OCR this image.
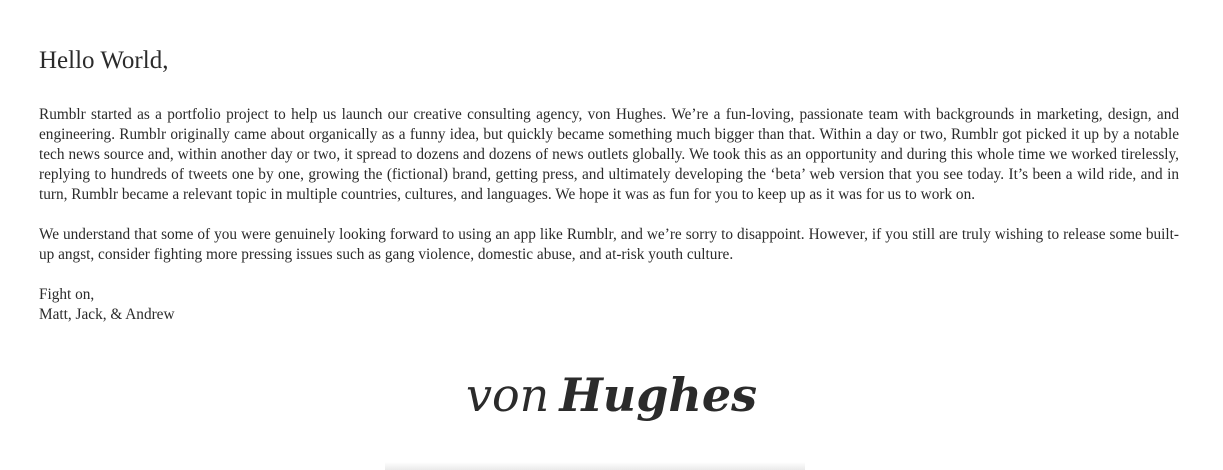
Hello World,

Rumblr started as a portfolio project to help us launch our creative consulting agency, von Hughes. We’re a fun-loving, passionate team with backgrounds in marketing, design, and engineering. Rumblr originally came about organically as a funny idea, but quickly became something much bigger than that. Within a day or two, Rumblr got picked it up by a notable tech news source and, within another day or two, it spread to dozens and dozens of news outlets globally. We took this as an opportunity and during this whole time we worked tirelessly, replying to hundreds of tweets one by one, growing the (fictional) brand, getting press, and ultimately developing the ‘beta’ web version that you see today. It’s been a wild ride, and in turn, Rumblr became a relevant topic in multiple countries, cultures, and languages. We hope it was as fun for you to keep up as it was for us to work on.

We understand that some of you were genuinely looking forward to using an app like Rumblr, and we’re sorry to disappoint. However, if you still are truly wishing to release some built-up angst, consider fighting more pressing issues such as gang violence, domestic abuse, and at-risk youth culture.

Fight on,

Matt, Jack, & Andrew

von Hughes
